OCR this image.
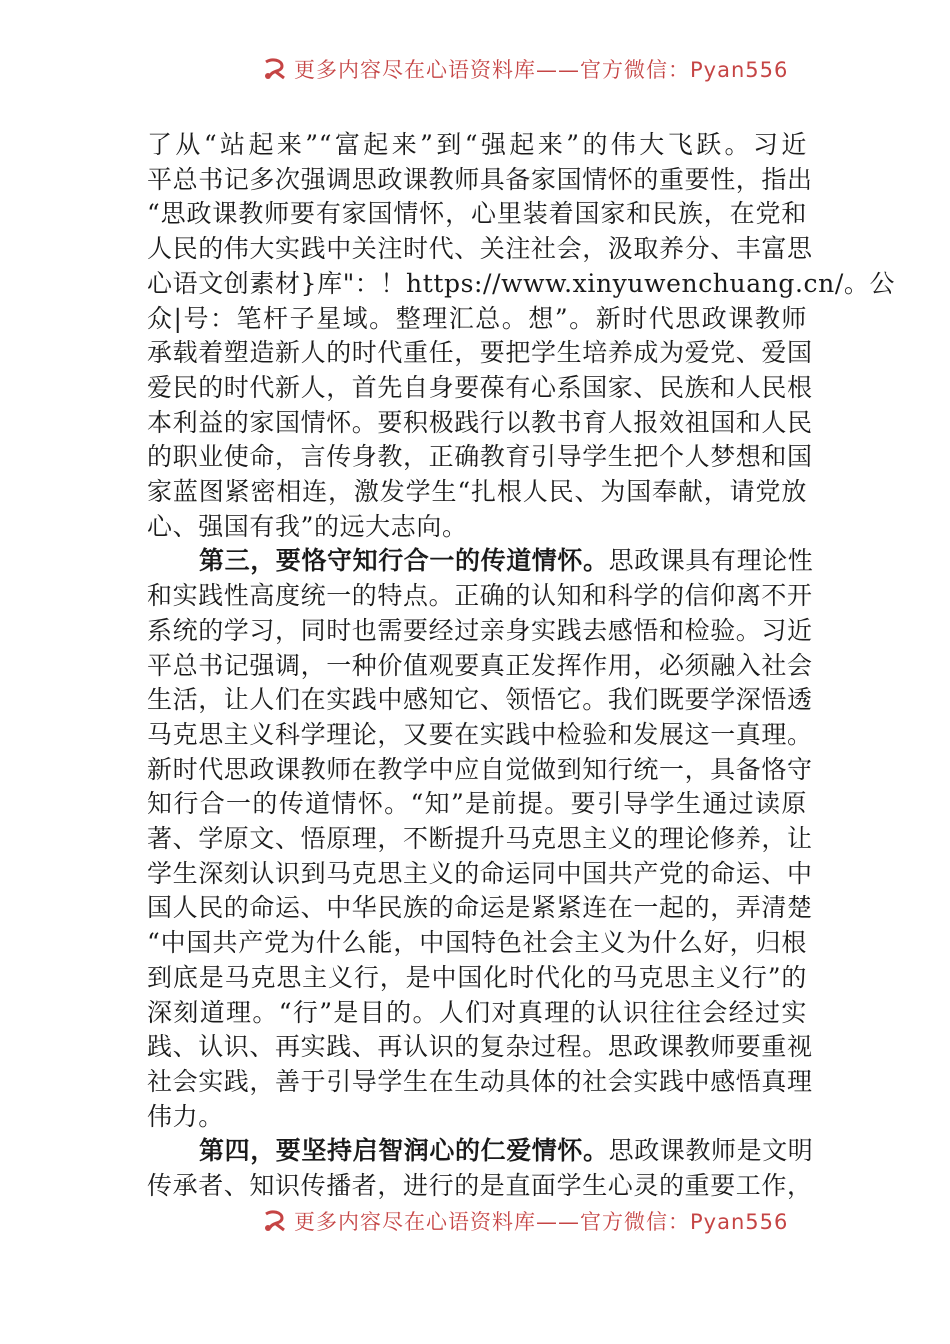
更多内容尽在心语资料库——官方微信：Pyan556
了从“站起来”“富起来”到“强起来”的伟大飞跃。习近
平总书记多次强调思政课教师具备家国情怀的重要性，指出
“思政课教师要有家国情怀，心里装着国家和民族，在党和
人民的伟大实践中关注时代、关注社会，汲取养分、丰富思
心语文创素材}库"：！https://www.xinyuwenchuang.cn/。公
众|号：笔杆子星域。整理汇总。想”。新时代思政课教师
承载着塑造新人的时代重任，要把学生培养成为爱党、爱国
爱民的时代新人，首先自身要葆有心系国家、民族和人民根
本利益的家国情怀。要积极践行以教书育人报效祖国和人民
的职业使命，言传身教，正确教育引导学生把个人梦想和国
家蓝图紧密相连，激发学生“扎根人民、为国奉献，请党放
心、强国有我”的远大志向。
第三，要恪守知行合一的传道情怀。思政课具有理论性
和实践性高度统一的特点。正确的认知和科学的信仰离不开
系统的学习，同时也需要经过亲身实践去感悟和检验。习近
平总书记强调，一种价值观要真正发挥作用，必须融入社会
生活，让人们在实践中感知它、领悟它。我们既要学深悟透
马克思主义科学理论，又要在实践中检验和发展这一真理。
新时代思政课教师在教学中应自觉做到知行统一，具备恪守
知行合一的传道情怀。“知”是前提。要引导学生通过读原
著、学原文、悟原理，不断提升马克思主义的理论修养，让
学生深刻认识到马克思主义的命运同中国共产党的命运、中
国人民的命运、中华民族的命运是紧紧连在一起的，弄清楚
“中国共产党为什么能，中国特色社会主义为什么好，归根
到底是马克思主义行，是中国化时代化的马克思主义行”的
深刻道理。“行”是目的。人们对真理的认识往往会经过实
践、认识、再实践、再认识的复杂过程。思政课教师要重视
社会实践，善于引导学生在生动具体的社会实践中感悟真理
伟力。
第四，要坚持启智润心的仁爱情怀。思政课教师是文明
传承者、知识传播者，进行的是直面学生心灵的重要工作，
更多内容尽在心语资料库——官方微信：Pyan556
